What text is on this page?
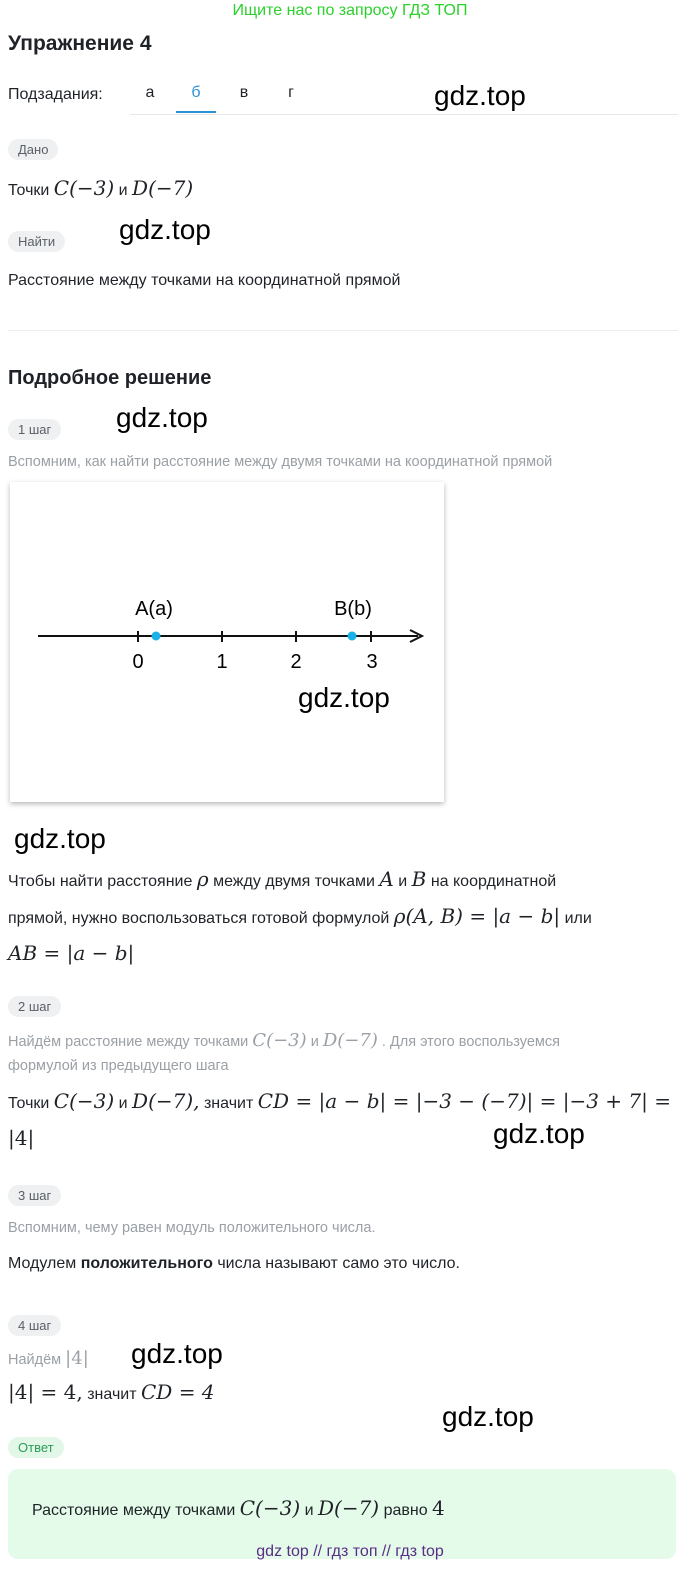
Ищите нас по запросу ГДЗ ТОП
Упражнение 4
Подзадания:	а	б	в	г	gdz.top
Дано
Точки C(−3) и D(−7)
Найти	gdz.top
Расстояние между точками на координатной прямой
Подробное решение
1 шаг	gdz.top
Вспомним, как найти расстояние между двумя точками на координатной прямой
0	1	2	3
A(a)	B(b)
gdz.top
gdz.top
Чтобы найти расстояние ρ между двумя точками A и B на координатной
прямой, нужно воспользоваться готовой формулой ρ(A, B) = |a − b| или
AB = |a − b|
2 шаг
Найдём расстояние между точками C(−3) и D(−7) . Для этого воспользуемся
формулой из предыдущего шага
Точки C(−3) и D(−7), значит CD = |a − b| = |−3 − (−7)| = |−3 + 7| =
|4|	gdz.top
3 шаг
Вспомним, чему равен модуль положительного числа.
Модулем положительного числа называют само это число.
4 шаг
Найдём |4| gdz.top
|4| = 4, значит CD = 4
gdz.top
Ответ
Расстояние между точками C(−3) и D(−7) равно 4
gdz top // гдз топ // гдз top
